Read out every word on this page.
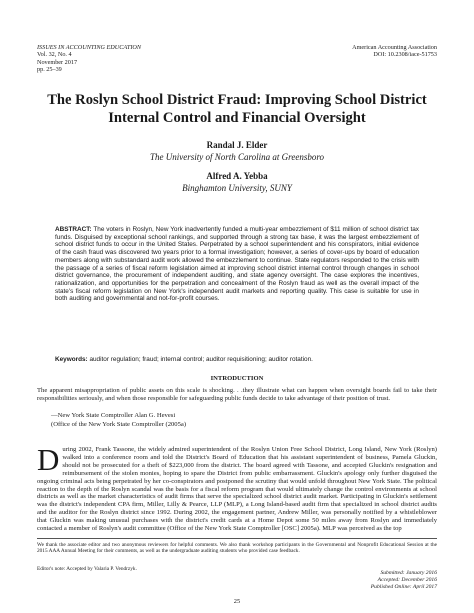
ISSUES IN ACCOUNTING EDUCATION
Vol. 32, No. 4
November 2017
pp. 25–39
American Accounting Association
DOI: 10.2308/iace-51753
The Roslyn School District Fraud: Improving School District Internal Control and Financial Oversight
Randal J. Elder
The University of North Carolina at Greensboro
Alfred A. Yebba
Binghamton University, SUNY
ABSTRACT: The voters in Roslyn, New York inadvertently funded a multi-year embezzlement of $11 million of school district tax funds. Disguised by exceptional school rankings, and supported through a strong tax base, it was the largest embezzlement of school district funds to occur in the United States. Perpetrated by a school superintendent and his conspirators, initial evidence of the cash fraud was discovered two years prior to a formal investigation; however, a series of cover-ups by board of education members along with substandard audit work allowed the embezzlement to continue. State regulators responded to the crisis with the passage of a series of fiscal reform legislation aimed at improving school district internal control through changes in school district governance, the procurement of independent auditing, and state agency oversight. The case explores the incentives, rationalization, and opportunities for the perpetration and concealment of the Roslyn fraud as well as the overall impact of the state's fiscal reform legislation on New York's independent audit markets and reporting quality. This case is suitable for use in both auditing and governmental and not-for-profit courses.
Keywords: auditor regulation; fraud; internal control; auditor requisitioning; auditor rotation.
INTRODUCTION
The apparent misappropriation of public assets on this scale is shocking. . .they illustrate what can happen when oversight boards fail to take their responsibilities seriously, and when those responsible for safeguarding public funds decide to take advantage of their position of trust.
—New York State Comptroller Alan G. Hevesi
(Office of the New York State Comptroller (2005a)
During 2002, Frank Tassone, the widely admired superintendent of the Roslyn Union Free School District, Long Island, New York (Roslyn) walked into a conference room and told the District's Board of Education that his assistant superintendent of business, Pamela Gluckin, should not be prosecuted for a theft of $223,000 from the district. The board agreed with Tassone, and accepted Gluckin's resignation and reimbursement of the stolen monies, hoping to spare the District from public embarrassment. Gluckin's apology only further disguised the ongoing criminal acts being perpetrated by her co-conspirators and postponed the scrutiny that would unfold throughout New York State. The political reaction to the depth of the Roslyn scandal was the basis for a fiscal reform program that would ultimately change the control environments at school districts as well as the market characteristics of audit firms that serve the specialized school district audit market. Participating in Gluckin's settlement was the district's independent CPA firm, Miller, Lilly & Pearce, LLP (MLP), a Long Island-based audit firm that specialized in school district audits and the auditor for the Roslyn district since 1992. During 2002, the engagement partner, Andrew Miller, was personally notified by a whistleblower that Gluckin was making unusual purchases with the district's credit cards at a Home Depot some 50 miles away from Roslyn and immediately contacted a member of Roslyn's audit committee (Office of the New York State Comptroller [OSC] 2005a). MLP was perceived as the top
We thank the associate editor and two anonymous reviewers for helpful comments. We also thank workshop participants in the Governmental and Nonprofit Educational Session at the 2015 AAA Annual Meeting for their comments, as well as the undergraduate auditing students who provided case feedback.
Editor's note: Accepted by Valaria P. Vendrzyk.
Submitted: January 2016
Accepted: December 2016
Published Online: April 2017
25
